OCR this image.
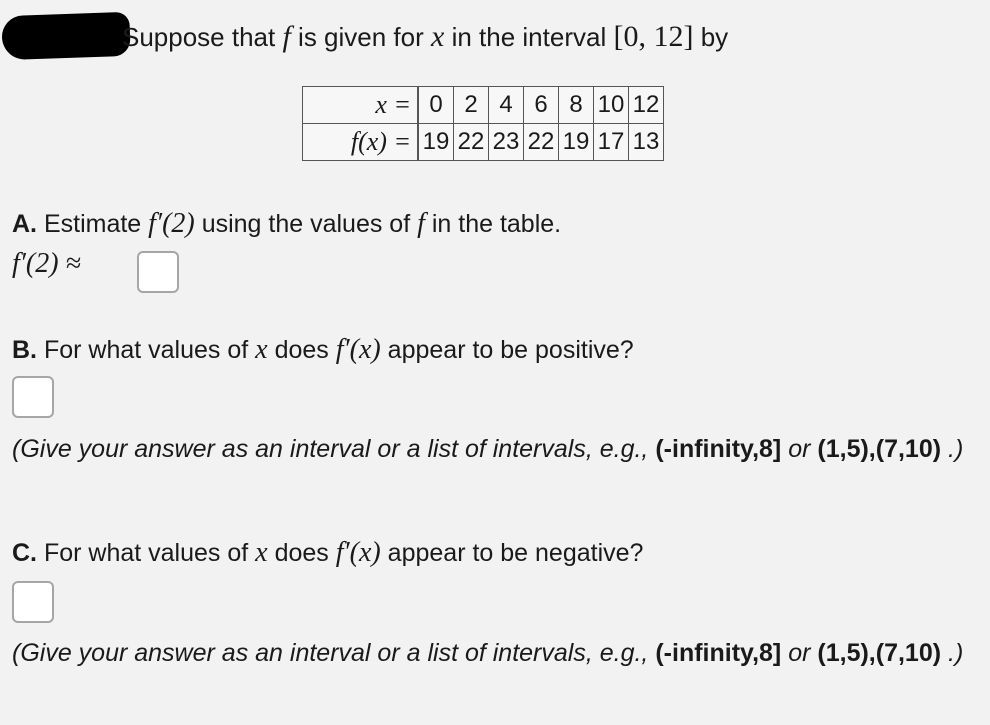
Suppose that f is given for x in the interval [0, 12] by
x =	0	2	4	6	8	10	12
f(x) =	19	22	23	22	19	17	13
A. Estimate f′(2) using the values of f in the table.
f′(2) ≈
B. For what values of x does f′(x) appear to be positive?
(Give your answer as an interval or a list of intervals, e.g., (-infinity,8] or (1,5),(7,10) .)
C. For what values of x does f′(x) appear to be negative?
(Give your answer as an interval or a list of intervals, e.g., (-infinity,8] or (1,5),(7,10) .)
